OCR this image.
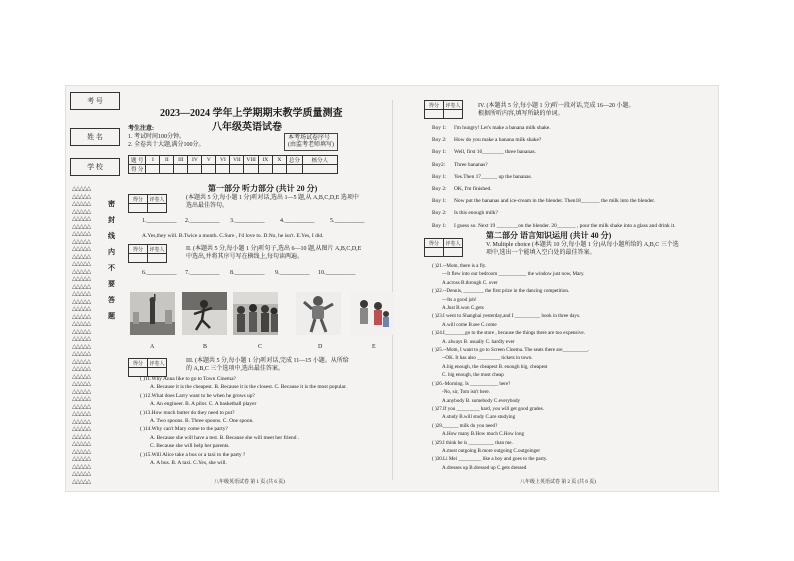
考 号
姓 名
学 校
密封线内不要答题
△△△△△
△△△△△
△△△△△
△△△△△
△△△△△
△△△△△
△△△△△
△△△△△
△△△△△
△△△△△
△△△△△
△△△△△
△△△△△
△△△△△
△△△△△
△△△△△
△△△△△
△△△△△
△△△△△
△△△△△
△△△△△
△△△△△
△△△△△
△△△△△
△△△△△
△△△△△
△△△△△
△△△△△
△△△△△
△△△△△
△△△△△
△△△△△
△△△△△
△△△△△
△△△△△
△△△△△
△△△△△
△△△△△
△△△△△
△△△△△
2023—2024 学年上学期期末教学质量测查
八年级英语试卷
考生注意:
1. 考试时间100分钟。
2. 全卷共十大题,满分100分。
本考场试卷序号
(由监考老师填写)
题 号	I	II	III	IV	V	VI	VII	VIII	IX	X	总分	核分人
得 分												
第一部分 听力部分 (共计 20 分)
得分	评卷人
		(本题共 5 分,每小题 1 分)听对话,选出 1—5 题,从 A,B,C,D,E 选项中
选出最佳答句。
1.__________ 2.__________ 3.__________	4.__________	5.__________
A.Yes,they will. B.Twice a month. C.Sure , I'd love to. D.No, he isn't. E.Yes, I did.
得分	评卷人
		II. (本题共 5 分,每小题 1 分)听句子,选出 6—10 题,从图片 A,B,C,D,E
中选出,并将其序号写在横线上,每句读两遍。
6.__________ 7.__________ 8.__________ 9.__________ 10.__________
A	B	C	D	E
得分	评卷人
		III. (本题共 5 分,每小题 1 分)听对话,完成 11—15 小题。从所给
的 A,B,C 三个选项中,选出最佳答案。
( )11.Why Anna like to go to Town Cinema?
A. Because it is the cheapest. B. Because it is the closest. C. Because it is the most popular.
( )12.What does Larry want to be when he grows up?
A. An engineer. B. A pilot. C. A basketball player
( )13.How much butter do they need to put?
A. Two spoons. B. Three spoons. C. One spoon.
( )14.Why can't Mary come to the party?
A. Because she will have a test. B. Because she will meet her friend .
C. Because she will help her parents.
( )15.Will Alice take a bus or a taxi to the party ?
A. A bus. B. A taxi. C.Yes, she will.
八年级英语试卷 第 1 页 (共 6 页)
得分	评卷人
		IV. (本题共 5 分,每小题 1 分)听一段对话,完成 16—20 小题。
根据所听内容,填写所缺的单词。
Boy 1: I'm hungry! Let's make a banana milk shake.
Boy 2: How do you make a banana milk shake?
Boy 1: Well, first 16________ three bananas.
Boy2: Three bananas?
Boy 1: Yes.Then 17______ up the bananas.
Boy 2: OK, I'm finished.
Boy 1: Now put the bananas and ice-cream in the blender. Then18_______ the milk into the blender.
Boy 2: Is this enough milk?
Boy 1: I guess so. Next 19 ________on the blender. 20_______ , pour the milk shake into a glass and drink it.
得分	评卷人

第二部分 语言知识运用 (共计 40 分)
V. Multiple choice (本题共 10 分,每小题 1 分)从每小题所给的 A,B,C 三个选
项中,选出一个能填入空白处的最佳答案。
( )21.--Mom, there is a fly.
—It flew into our bedroom ___________ the window just now, Mary.
A.across B.through C. over
( )22.--Dennis, ________ the first prize in the dancing competition.
—Its a good job!
A.Just B.won C.gets
( )23.I went to Shanghai yesterday,and I __________ book in three days.
A.will come B.see C.come
( )24.I________go to the store , because the things there are too expensive.
A. always B. usually C. hardly ever
( )25.--Mom, I want to go to Screen Cinema. The seats there are__________.
--OK. It has also _________ tickets in town.
A.big enough, the cheapest B. enough big, cheapest
C. big enough, the most cheap
( )26.-Morning. Is ___________ here?
-No, sir, Tom isn't here.
A.anybody B. somebody C.everybody
( )27.If you _________ hard, you will get good grades.
A.study B.will study C.are studying
( )28.______ milk do you need?
A.How many B.How much C.How long
( )29.I think he is __________ than me.
A.most outgoing B.more outgoing C.outgoinger
( )30.Li Mei _________ like a boy and goes to the party.
A.dresses up B.dressed up C.gets dressed
八年级上英语试卷 第 2 页 (共 6 页)
